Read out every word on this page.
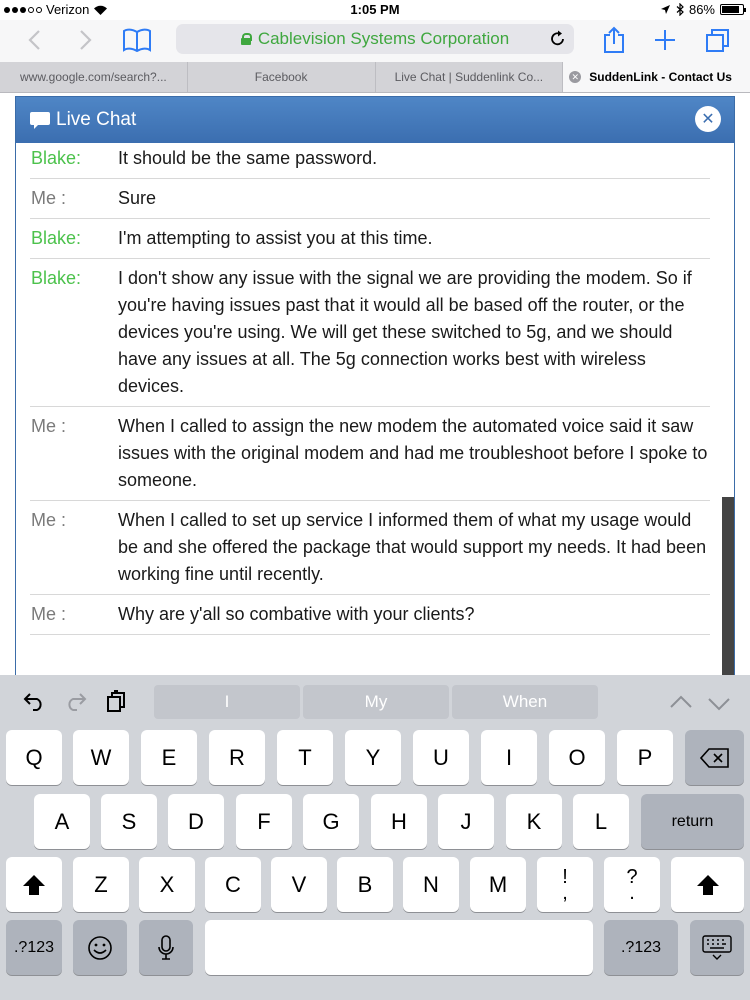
Verizon	1:05 PM	86%
Cablevision Systems Corporation
www.google.com/search?...	Facebook	Live Chat | Suddenlink Co...	✕ SuddenLink - Contact Us
Live Chat	✕
Blake:	It should be the same password.
Me :	Sure
Blake:	I'm attempting to assist you at this time.
Blake:	I don't show any issue with the signal we are providing the modem. So if you're having issues past that it would all be based off the router, or the devices you're using. We will get these switched to 5g, and we should have any issues at all. The 5g connection works best with wireless devices.
Me :	When I called to assign the new modem the automated voice said it saw issues with the original modem and had me troubleshoot before I spoke to someone.
Me :	When I called to set up service I informed them of what my usage would be and she offered the package that would support my needs. It had been working fine until recently.
Me :	Why are y'all so combative with your clients?
I	My	When
Q	W	E	R	T	Y	U	I	O	P
A	S	D	F	G	H	J	K	L	return
Z	X	C	V	B	N	M	!
,
?
.
.?123	.?123
